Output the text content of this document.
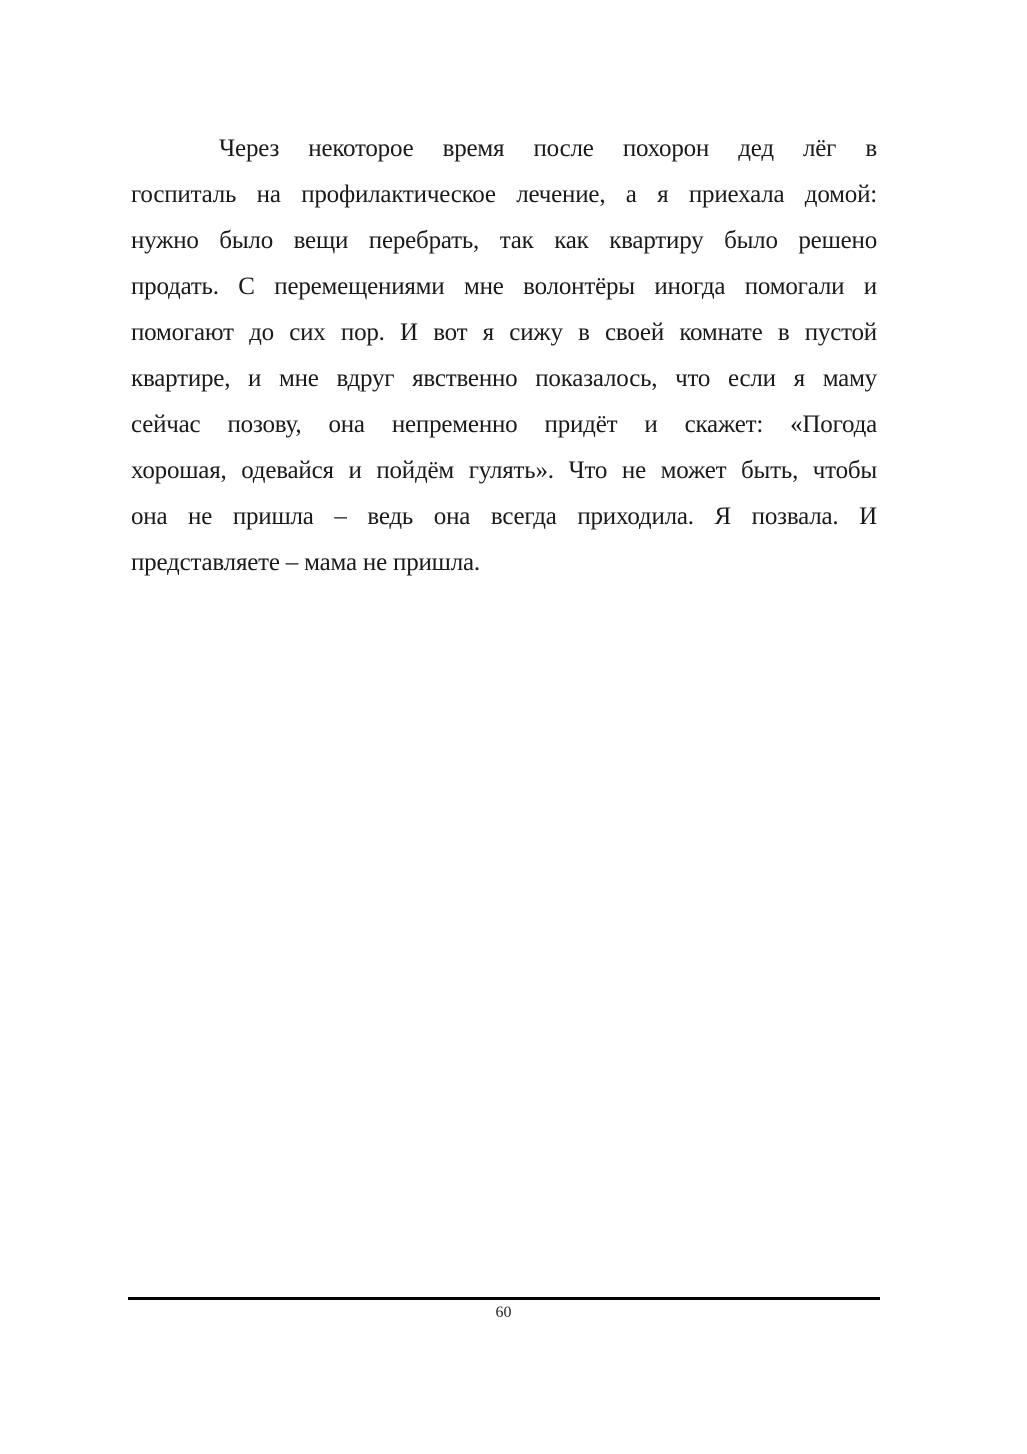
Через некоторое время после похорон дед лёг в
госпиталь на профилактическое лечение, а я приехала домой:
нужно было вещи перебрать, так как квартиру было решено
продать. С перемещениями мне волонтёры иногда помогали и
помогают до сих пор. И вот я сижу в своей комнате в пустой
квартире, и мне вдруг явственно показалось, что если я маму
сейчас позову, она непременно придёт и скажет: «Погода
хорошая, одевайся и пойдём гулять». Что не может быть, чтобы
она не пришла – ведь она всегда приходила. Я позвала. И
представляете – мама не пришла.
60
